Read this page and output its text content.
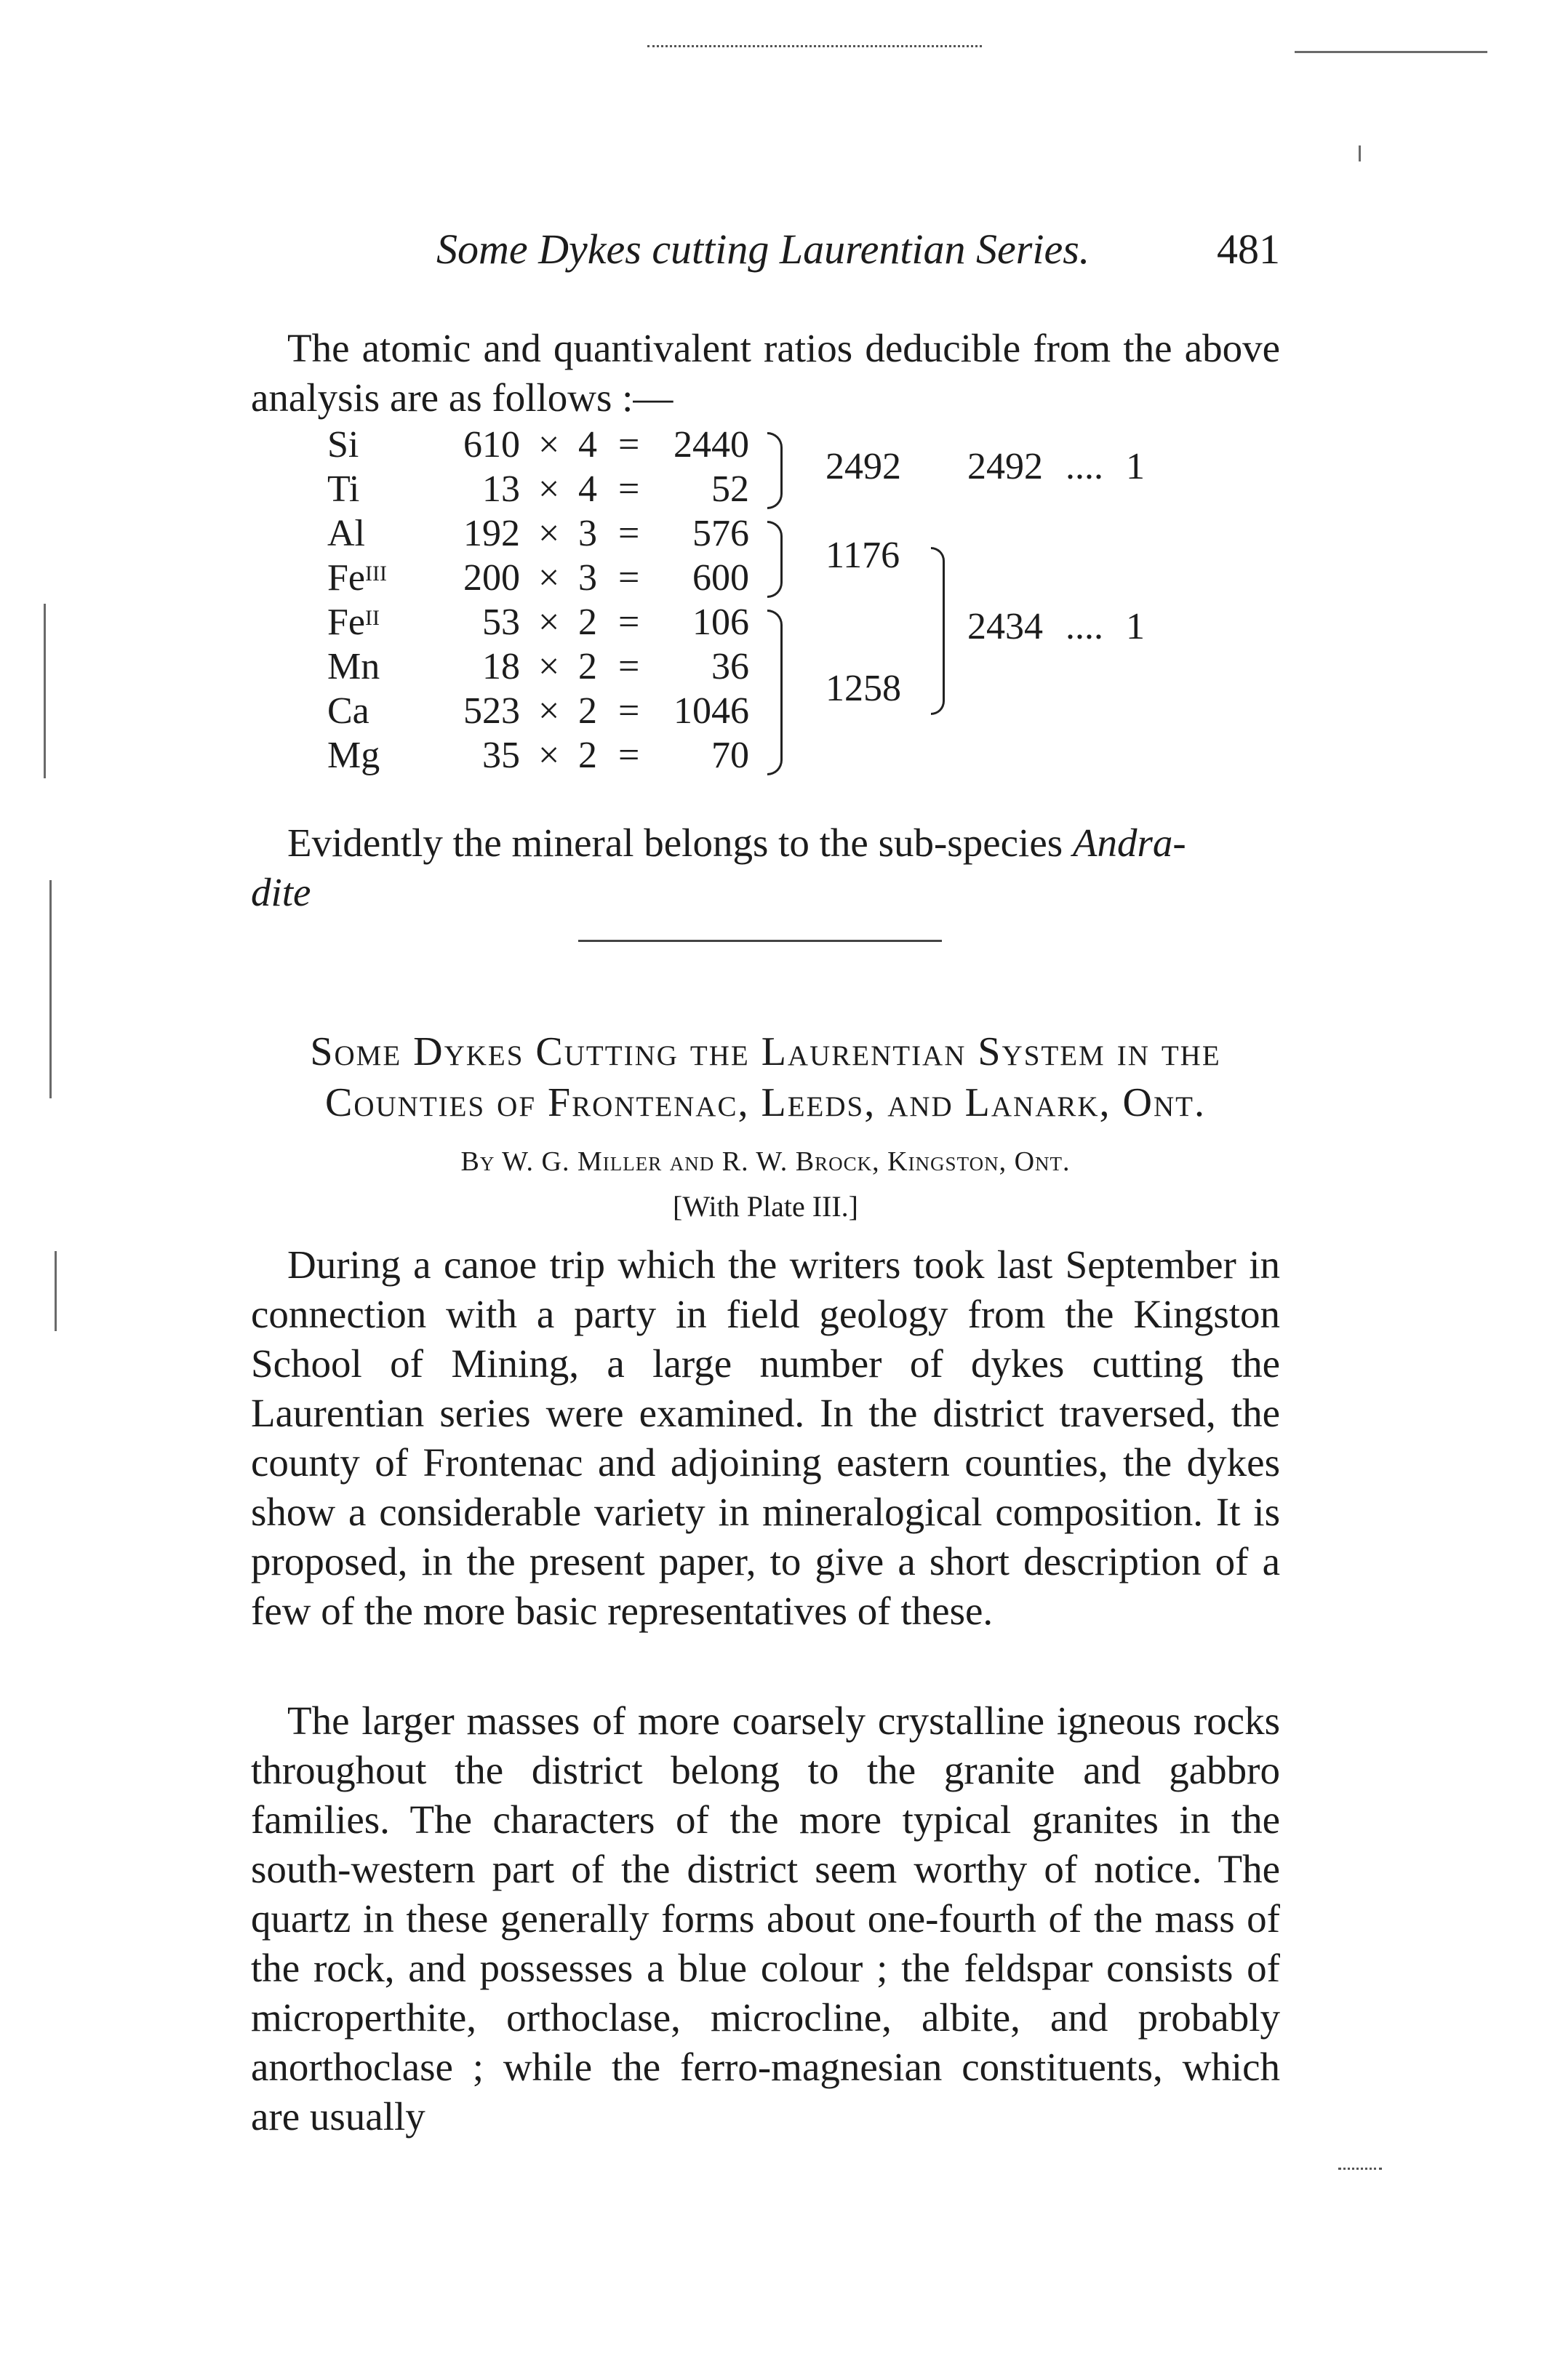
Some Dykes cutting Laurentian Series.	481

The atomic and quantivalent ratios deducible from the above analysis are as follows :—

Si	610 × 4 = 2440
Ti	13 × 4 =	52
Al	192 × 3 =	576
$Fe^{III}$	200 × 3 =	600
$Fe^{II}$	53 × 2 =	106
Mn	18 × 2 =	36
Ca	523 × 2 = 1046
Mg	35 × 2 =	70
2492
1176
1258
2492 .... 1
2434 .... 1

Evidently the mineral belongs to the sub-species Andra-
dite

Some Dykes Cutting the Laurentian System in the
Counties of Frontenac, Leeds, and Lanark, Ont.
By W. G. Miller and R. W. Brock, Kingston, Ont.
[With Plate III.]

During a canoe trip which the writers took last September in connection with a party in field geology from the Kingston School of Mining, a large number of dykes cutting the Laurentian series were examined. In the district traversed, the county of Frontenac and adjoining eastern counties, the dykes show a considerable variety in mineralogical composition. It is proposed, in the present paper, to give a short description of a few of the more basic representatives of these.

The larger masses of more coarsely crystalline igneous rocks throughout the district belong to the granite and gabbro families. The characters of the more typical granites in the south-western part of the district seem worthy of notice. The quartz in these generally forms about one-fourth of the mass of the rock, and possesses a blue colour ; the feldspar consists of microperthite, orthoclase, microcline, albite, and probably anorthoclase ; while the ferro-magnesian constituents, which are usually
